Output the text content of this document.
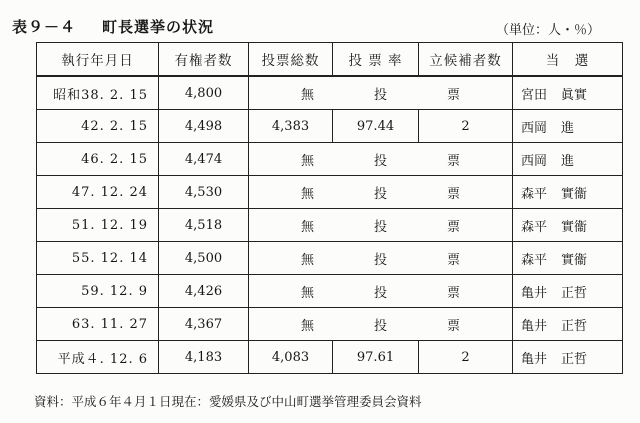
表９－４ 町長選挙の状況	（単位：人・％）
執行年月日	有権者数	投票総数	投 票 率	立候補者数	当　選
昭和38. 2. 15	4,800	無 投 票			宮田 眞實
42. 2. 15	4,498	4,383	97.44	2	西岡 進
46. 2. 15	4,474	無 投 票			西岡 進
47. 12. 24	4,530	無 投 票			森平 實衞
51. 12. 19	4,518	無 投 票			森平 實衞
55. 12. 14	4,500	無 投 票			森平 實衞
59. 12. 9	4,426	無 投 票			亀井 正哲
63. 11. 27	4,367	無 投 票			亀井 正哲
平成４. 12. 6	4,183	4,083	97.61	2	亀井 正哲
資料：平成６年４月１日現在：愛媛県及び中山町選挙管理委員会資料
